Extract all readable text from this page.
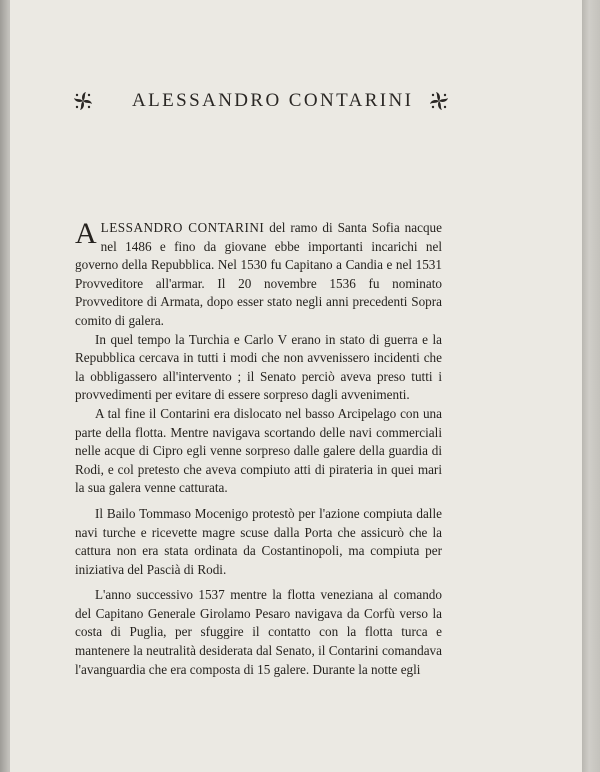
ALESSANDRO CONTARINI

ALESSANDRO CONTARINI del ramo di Santa Sofia nacque nel 1486 e fino da giovane ebbe importanti incarichi nel governo della Repubblica. Nel 1530 fu Capitano a Candia e nel 1531 Provveditore all'armar. Il 20 novembre 1536 fu nominato Provveditore di Armata, dopo esser stato negli anni precedenti Sopra comito di galera.

In quel tempo la Turchia e Carlo V erano in stato di guerra e la Repubblica cercava in tutti i modi che non avvenissero incidenti che la obbligassero all'intervento ; il Senato perciò aveva preso tutti i provvedimenti per evitare di essere sorpreso dagli avvenimenti.

A tal fine il Contarini era dislocato nel basso Arcipelago con una parte della flotta. Mentre navigava scortando delle navi commerciali nelle acque di Cipro egli venne sorpreso dalle galere della guardia di Rodi, e col pretesto che aveva compiuto atti di pirateria in quei mari la sua galera venne catturata.

Il Bailo Tommaso Mocenigo protestò per l'azione compiuta dalle navi turche e ricevette magre scuse dalla Porta che assicurò che la cattura non era stata ordinata da Costantinopoli, ma compiuta per iniziativa del Pascià di Rodi.

L'anno successivo 1537 mentre la flotta veneziana al comando del Capitano Generale Girolamo Pesaro navigava da Corfù verso la costa di Puglia, per sfuggire il contatto con la flotta turca e mantenere la neutralità desiderata dal Senato, il Contarini comandava l'avanguardia che era composta di 15 galere. Durante la notte egli
